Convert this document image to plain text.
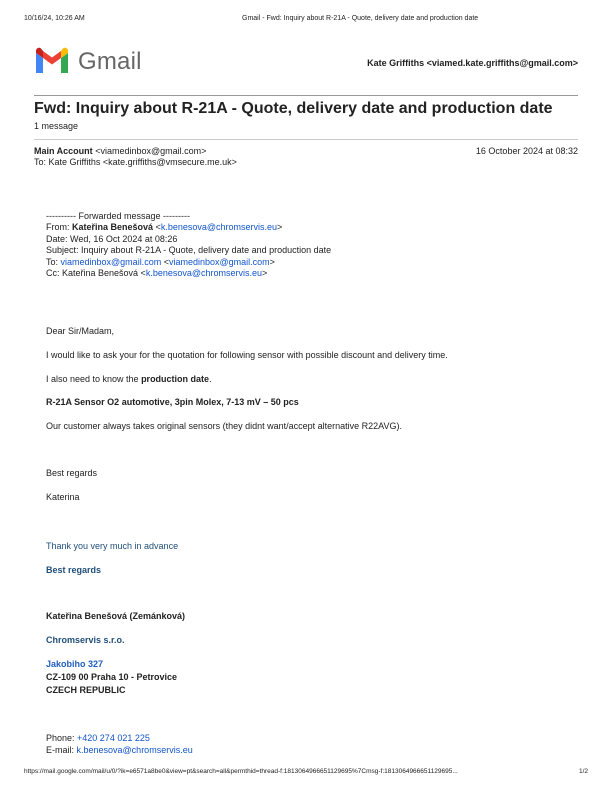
10/16/24, 10:26 AM	Gmail - Fwd: Inquiry about R-21A - Quote, delivery date and production date
Gmail	Kate Griffiths <viamed.kate.griffiths@gmail.com>
Fwd: Inquiry about R-21A - Quote, delivery date and production date
1 message
Main Account <viamedinbox@gmail.com>	16 October 2024 at 08:32
To: Kate Griffiths <kate.griffiths@vmsecure.me.uk>
---------- Forwarded message ---------
From: Kateřina Benešová <k.benesova@chromservis.eu>
Date: Wed, 16 Oct 2024 at 08:26
Subject: Inquiry about R-21A - Quote, delivery date and production date
To: viamedinbox@gmail.com <viamedinbox@gmail.com>
Cc: Kateřina Benešová <k.benesova@chromservis.eu>
Dear Sir/Madam,
I would like to ask your for the quotation for following sensor with possible discount and delivery time.
I also need to know the production date.
R-21A Sensor O2 automotive, 3pin Molex, 7-13 mV – 50 pcs
Our customer always takes original sensors (they didnt want/accept alternative R22AVG).
Best regards
Katerina
Thank you very much in advance
Best regards
Kateřina Benešová (Zemánková)
Chromservis s.r.o.
Jakobiho 327
CZ-109 00 Praha 10 - Petrovice
CZECH REPUBLIC
Phone: +420 274 021 225
E-mail: k.benesova@chromservis.eu
https://mail.google.com/mail/u/0/?ik=e6571a8be0&view=pt&search=all&permthid=thread-f:1813064966651129695%7Cmsg-f:1813064966651129695...	1/2
